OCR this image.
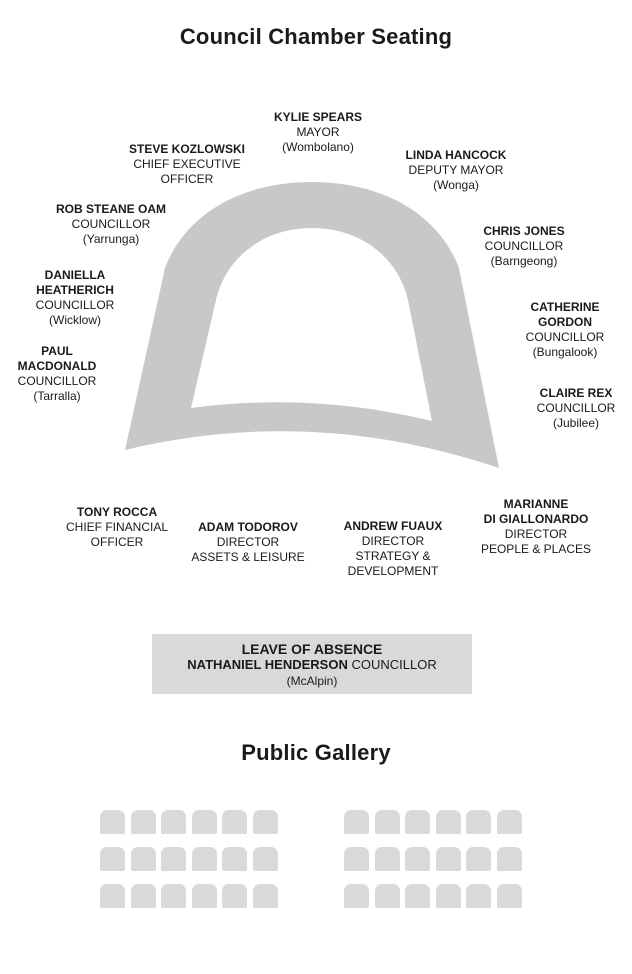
Council Chamber Seating
KYLIE SPEARS
MAYOR
(Wombolano)
LINDA HANCOCK
DEPUTY MAYOR
(Wonga)
STEVE KOZLOWSKI
CHIEF EXECUTIVE
OFFICER
ROB STEANE OAM
COUNCILLOR
(Yarrunga)
CHRIS JONES
COUNCILLOR
(Barngeong)
DANIELLA
HEATHERICH
COUNCILLOR
(Wicklow)
CATHERINE
GORDON
COUNCILLOR
(Bungalook)
PAUL
MACDONALD
COUNCILLOR
(Tarralla)	CLAIRE REX
COUNCILLOR
(Jubilee)
TONY ROCCA
CHIEF FINANCIAL
OFFICER
ADAM TODOROV
DIRECTOR
ASSETS & LEISURE
ANDREW FUAUX
DIRECTOR
STRATEGY &
DEVELOPMENT
MARIANNE
DI GIALLONARDO
DIRECTOR
PEOPLE & PLACES
LEAVE OF ABSENCE
NATHANIEL HENDERSON COUNCILLOR
(McAlpin)
Public Gallery
